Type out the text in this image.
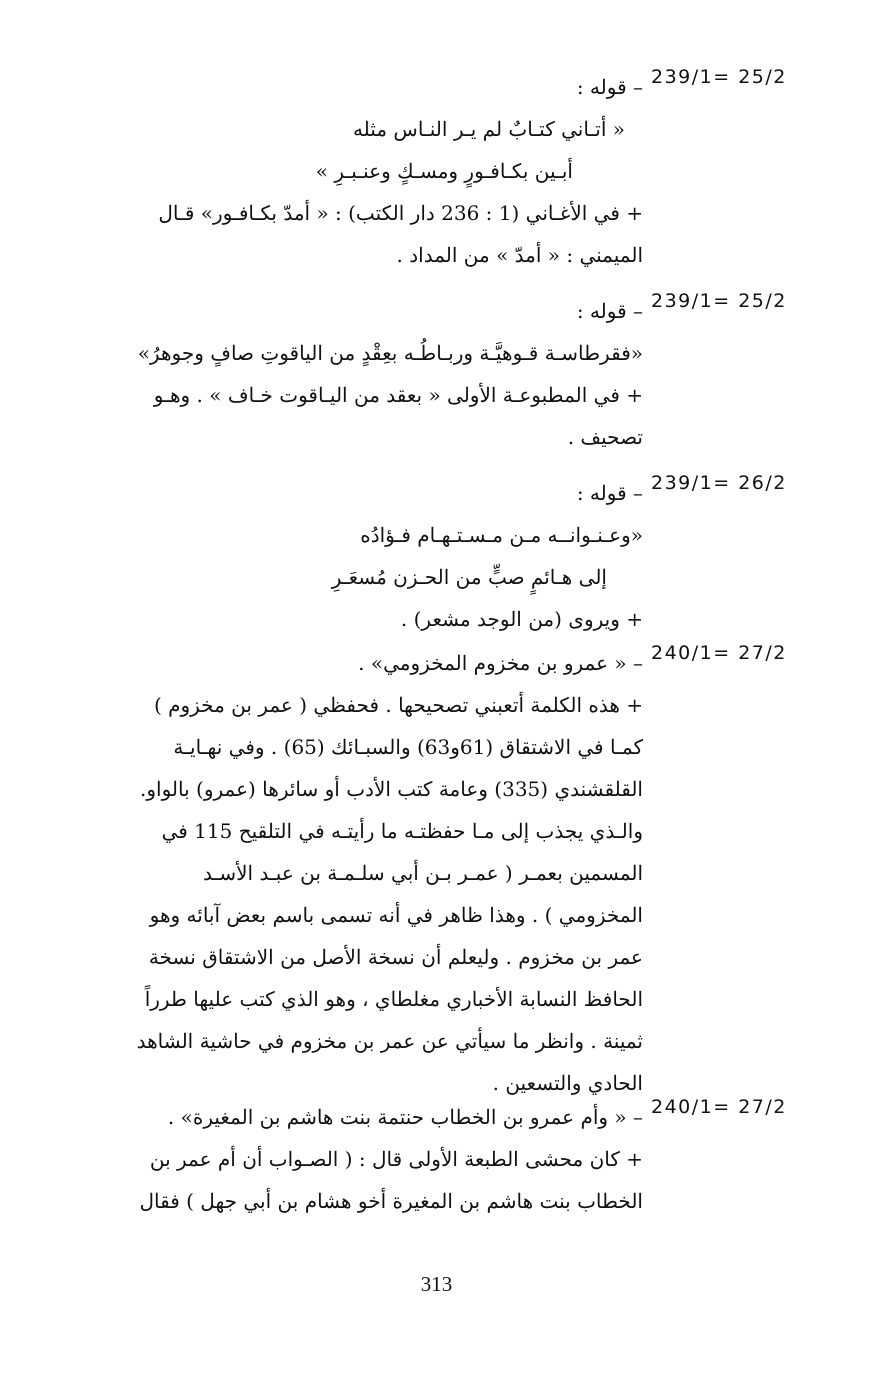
239/1= 25/2

– قوله :

« أتـاني كتـابٌ لم يـر النـاس مثله

أبـين بكـافـورٍ ومسـكٍ وعنـبـرِ »

+ في الأغـاني (1 : 236 دار الكتب) : « أمدّ بكـافـور» قـال

الميمني : « أمدّ » من المداد .

239/1= 25/2

– قوله :

«فقرطاسـة قـوهيَّـة وربـاطُـه بعِقْدٍ من الياقوتِ صافٍ وجوهرُ»

+ في المطبوعـة الأولى « بعقد من اليـاقوت خـاف » . وهـو

تصحيف .

239/1= 26/2

– قوله :

«وعـنـوانــه مـن مـسـتـهـام فـؤادُه

إلى هـائمٍ صبٍّ من الحـزن مُسعَـرِ

+ ويروى (من الوجد مشعر) .

240/1= 27/2

– « عمرو بن مخزوم المخزومي» .

+ هذه الكلمة أتعبني تصحيحها . فحفظي ( عمر بن مخزوم )

كمـا في الاشتقاق (61و63) والسبـائك (65) . وفي نهـايـة

القلقشندي (335) وعامة كتب الأدب أو سائرها (عمرو) بالواو.

والـذي يجذب إلى مـا حفظتـه ما رأيتـه في التلقيح 115 في

المسمين بعمـر ( عمـر بـن أبي سلـمـة بن عبـد الأسـد

المخزومي ) . وهذا ظاهر في أنه تسمى باسم بعض آبائه وهو

عمر بن مخزوم . وليعلم أن نسخة الأصل من الاشتقاق نسخة

الحافظ النسابة الأخباري مغلطاي ، وهو الذي كتب عليها طرراً

ثمينة . وانظر ما سيأتي عن عمر بن مخزوم في حاشية الشاهد

الحادي والتسعين .

240/1= 27/2

– « وأم عمرو بن الخطاب حنتمة بنت هاشم بن المغيرة» .

+ كان محشى الطبعة الأولى قال : ( الصـواب أن أم عمر بن

الخطاب بنت هاشم بن المغيرة أخو هشام بن أبي جهل ) فقال

313
